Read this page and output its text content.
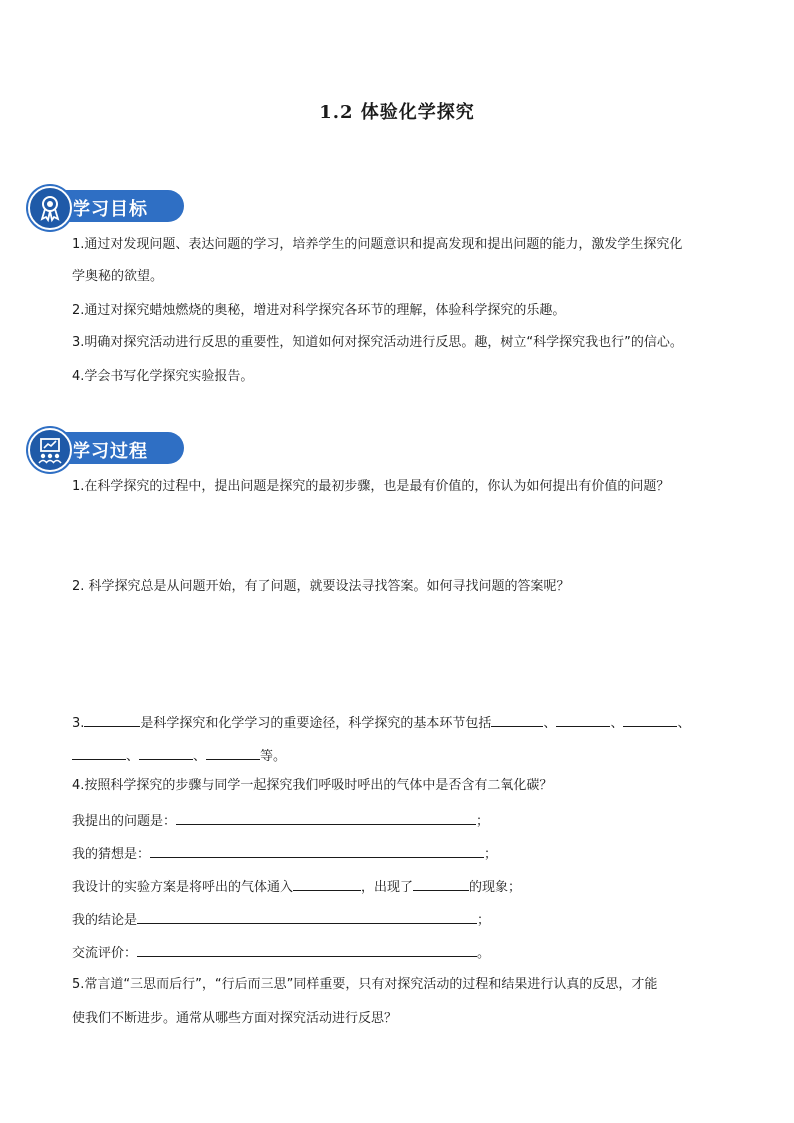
1.2 体验化学探究
学习目标
1.通过对发现问题、表达问题的学习，培养学生的问题意识和提高发现和提出问题的能力，激发学生探究化
学奥秘的欲望。
2.通过对探究蜡烛燃烧的奥秘，增进对科学探究各环节的理解，体验科学探究的乐趣。
3.明确对探究活动进行反思的重要性，知道如何对探究活动进行反思。趣，树立“科学探究我也行”的信心。
4.学会书写化学探究实验报告。
学习过程
1.在科学探究的过程中，提出问题是探究的最初步骤，也是最有价值的，你认为如何提出有价值的问题？
2. 科学探究总是从问题开始，有了问题，就要设法寻找答案。如何寻找问题的答案呢？
3.	是科学探究和化学学习的重要途径，科学探究的基本环节包括	、	、	、
、	、	等。
4.按照科学探究的步骤与同学一起探究我们呼吸时呼出的气体中是否含有二氧化碳？
我提出的问题是：	；
我的猜想是：	；
我设计的实验方案是将呼出的气体通入	，出现了	的现象；
我的结论是	；
交流评价：	。
5.常言道“三思而后行”，“行后而三思”同样重要，只有对探究活动的过程和结果进行认真的反思，才能
使我们不断进步。通常从哪些方面对探究活动进行反思？
